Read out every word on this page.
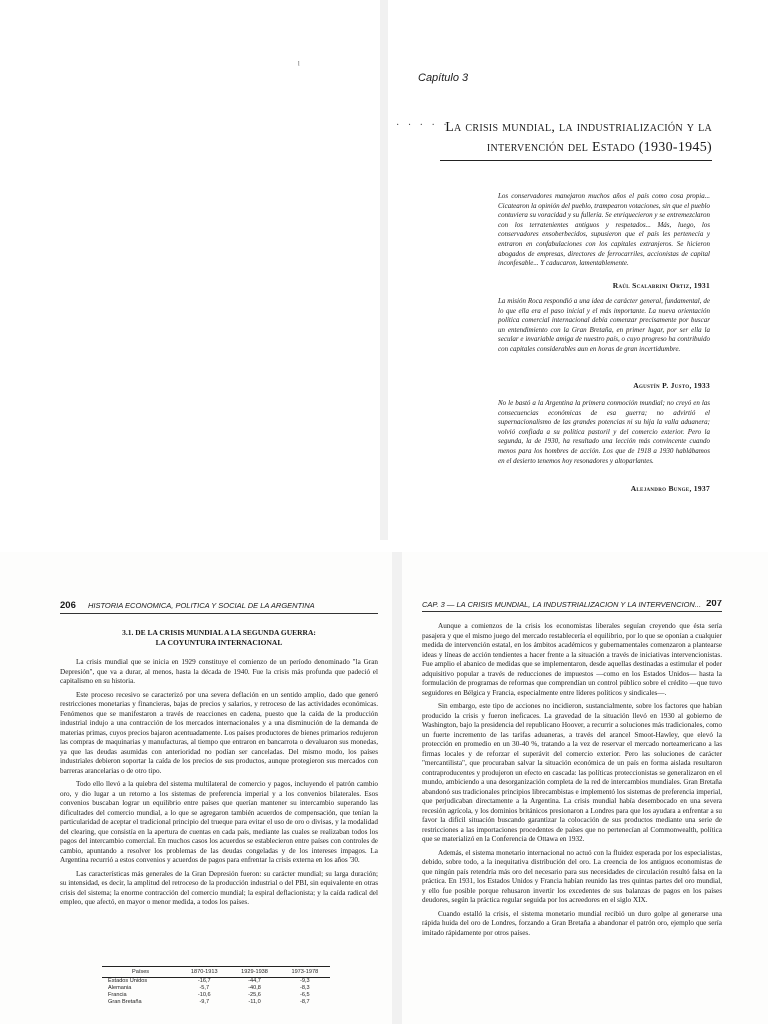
ˡ
· · · · ·
Capítulo 3
La crisis mundial, la industrialización y la
intervención del Estado (1930-1945)
Los conservadores manejaron muchos años el país como cosa propia... Cicatearon la opinión del pueblo, trampearon votaciones, sin que el pueblo contuviera su voracidad y su fullería. Se enriquecieron y se entremezclaron con los terratenientes antiguos y respetados... Más, luego, los conservadores ensoberbecidos, supusieron que el país les pertenecía y entraron en confabulaciones con los capitales extranjeros. Se hicieron abogados de empresas, directores de ferrocarriles, accionistas de capital inconfesable... Y caducaron, lamentablemente.
Raúl Scalabrini Ortiz, 1931
La misión Roca respondió a una idea de carácter general, fundamental, de lo que ella era el paso inicial y el más importante. La nueva orientación política comercial internacional debía comenzar precisamente por buscar un entendimiento con la Gran Bretaña, en primer lugar, por ser ella la secular e invariable amiga de nuestro país, o cuyo progreso ha contribuido con capitales considerables aun en horas de gran incertidumbre.
Agustín P. Justo, 1933
No le bastó a la Argentina la primera conmoción mundial; no creyó en las consecuencias económicas de esa guerra; no advirtió el supernacionalismo de las grandes potencias ni su hija la valla aduanera; volvió confiada a su política pastoril y del comercio exterior. Pero la segunda, la de 1930, ha resultado una lección más convincente cuando menos para los hombres de acción. Los que de 1918 a 1930 hablábamos en el desierto tenemos hoy resonadores y altoparlantes.
Alejandro Bunge, 1937
206 HISTORIA ECONOMICA, POLITICA Y SOCIAL DE LA ARGENTINA
3.1. DE LA CRISIS MUNDIAL A LA SEGUNDA GUERRA:
LA COYUNTURA INTERNACIONAL

La crisis mundial que se inicia en 1929 constituye el comienzo de un período denominado "la Gran Depresión", que va a durar, al menos, hasta la década de 1940. Fue la crisis más profunda que padeció el capitalismo en su historia.

Este proceso recesivo se caracterizó por una severa deflación en un sentido amplio, dado que generó restricciones monetarias y financieras, bajas de precios y salarios, y retroceso de las actividades económicas. Fenómenos que se manifestaron a través de reacciones en cadena, puesto que la caída de la producción industrial indujo a una contracción de los mercados internacionales y a una disminución de la demanda de materias primas, cuyos precios bajaron acentuadamente. Los países productores de bienes primarios redujeron las compras de maquinarias y manufacturas, al tiempo que entraron en bancarrota o devaluaron sus monedas, ya que las deudas asumidas con anterioridad no podían ser canceladas. Del mismo modo, los países industriales debieron soportar la caída de los precios de sus productos, aunque protegieron sus mercados con barreras arancelarias o de otro tipo.

Todo ello llevó a la quiebra del sistema multilateral de comercio y pagos, incluyendo el patrón cambio oro, y dio lugar a un retorno a los sistemas de preferencia imperial y a los convenios bilaterales. Esos convenios buscaban lograr un equilibrio entre países que querían mantener su intercambio superando las dificultades del comercio mundial, a lo que se agregaron también acuerdos de compensación, que tenían la particularidad de aceptar el tradicional principio del trueque para evitar el uso de oro o divisas, y la modalidad del clearing, que consistía en la apertura de cuentas en cada país, mediante las cuales se realizaban todos los pagos del intercambio comercial. En muchos casos los acuerdos se establecieron entre países con controles de cambio, apuntando a resolver los problemas de las deudas congeladas y de los intereses impagos. La Argentina recurrió a estos convenios y acuerdos de pagos para enfrentar la crisis externa en los años '30.

Las características más generales de la Gran Depresión fueron: su carácter mundial; su larga duración; su intensidad, es decir, la amplitud del retroceso de la producción industrial o del PBI, sin equivalente en otras crisis del sistema; la enorme contracción del comercio mundial; la espiral deflacionista; y la caída radical del empleo, que afectó, en mayor o menor medida, a todos los países.

Países	1870-1913	1929-1938	1973-1978
Estados Unidos	-16,7	-44,7	-9,3
Alemania	-5,7	-40,8	-8,3
Francia	-10,6	-25,6	-6,5
Gran Bretaña	-9,7	-11,0	-8,7
CAP. 3 — LA CRISIS MUNDIAL, LA INDUSTRIALIZACION Y LA INTERVENCION... 207

Aunque a comienzos de la crisis los economistas liberales seguían creyendo que ésta sería pasajera y que el mismo juego del mercado restablecería el equilibrio, por lo que se oponían a cualquier medida de intervención estatal, en los ámbitos académicos y gubernamentales comenzaron a plantearse ideas y líneas de acción tendientes a hacer frente a la situación a través de iniciativas intervencionistas. Fue amplio el abanico de medidas que se implementaron, desde aquellas destinadas a estimular el poder adquisitivo popular a través de reducciones de impuestos —como en los Estados Unidos— hasta la formulación de programas de reformas que comprendían un control público sobre el crédito —que tuvo seguidores en Bélgica y Francia, especialmente entre líderes políticos y sindicales—.

Sin embargo, este tipo de acciones no incidieron, sustancialmente, sobre los factores que habían producido la crisis y fueron ineficaces. La gravedad de la situación llevó en 1930 al gobierno de Washington, bajo la presidencia del republicano Hoover, a recurrir a soluciones más tradicionales, como un fuerte incremento de las tarifas aduaneras, a través del arancel Smoot-Hawley, que elevó la protección en promedio en un 30-40 %, tratando a la vez de reservar el mercado norteamericano a las firmas locales y de reforzar el superávit del comercio exterior. Pero las soluciones de carácter "mercantilista", que procuraban salvar la situación económica de un país en forma aislada resultaron contraproducentes y produjeron un efecto en cascada: las políticas proteccionistas se generalizaron en el mundo, ambiciendo a una desorganización completa de la red de intercambios mundiales. Gran Bretaña abandonó sus tradicionales principios librecambistas e implementó los sistemas de preferencia imperial, que perjudicaban directamente a la Argentina. La crisis mundial había desembocado en una severa recesión agrícola, y los dominios británicos presionaron a Londres para que los ayudara a enfrentar a su favor la difícil situación buscando garantizar la colocación de sus productos mediante una serie de restricciones a las importaciones procedentes de países que no pertenecían al Commonwealth, política que se materializó en la Conferencia de Ottawa en 1932.

Además, el sistema monetario internacional no actuó con la fluidez esperada por los especialistas, debido, sobre todo, a la inequitativa distribución del oro. La creencia de los antiguos economistas de que ningún país retendría más oro del necesario para sus necesidades de circulación resultó falsa en la práctica. En 1931, los Estados Unidos y Francia habían reunido las tres quintas partes del oro mundial, y ello fue posible porque rehusaron invertir los excedentes de sus balanzas de pagos en los países deudores, según la práctica regular seguida por los acreedores en el siglo XIX.

Cuando estalló la crisis, el sistema monetario mundial recibió un duro golpe al generarse una rápida huida del oro de Londres, forzando a Gran Bretaña a abandonar el patrón oro, ejemplo que sería imitado rápidamente por otros países.
